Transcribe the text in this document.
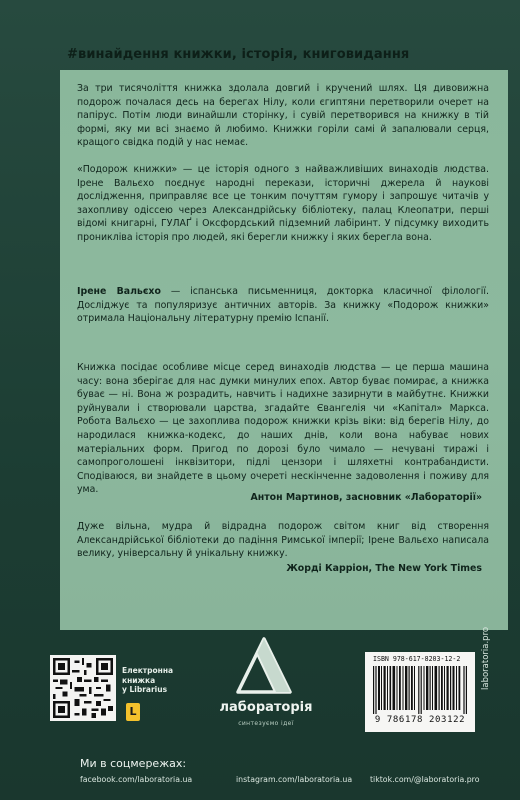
#винайдення книжки, історія, книговидання
За три тисячоліття книжка здолала довгий і кручений шлях. Ця дивовижна подорож почалася десь на берегах Нілу, коли єгиптяни перетворили очерет на папірус. Потім люди винайшли сторінку, і сувій перетворився на книжку в тій формі, яку ми всі знаємо й любимо. Книжки горіли самі й запалювали серця, кращого свідка подій у нас немає.
«Подорож книжки» — це історія одного з найважливіших винаходів людства. Ірене Вальєхо поєднує народні перекази, історичні джерела й наукові дослідження, приправляє все це тонким почуттям гумору і запрошує читачів у захопливу одіссею через Александрійську бібліотеку, палац Клеопатри, перші відомі книгарні, ГУЛАҐ і Оксфордський підземний лабіринт. У підсумку виходить проникліва історія про людей, які берегли книжку і яких берегла вона.
Ірене Вальєхо — іспанська письменниця, докторка класичної філології. Досліджує та популяризує античних авторів. За книжку «Подорож книжки» отримала Національну літературну премію Іспанії.
Книжка посідає особливе місце серед винаходів людства — це перша машина часу: вона зберігає для нас думки минулих епох. Автор буває помирає, а книжка буває — ні. Вона ж розрадить, навчить і надихне зазирнути в майбутнє. Книжки руйнували і створювали царства, згадайте Євангелія чи «Капітал» Маркса. Робота Вальєхо — це захоплива подорож книжки крізь віки: від берегів Нілу, до народилася книжка-кодекс, до наших днів, коли вона набуває нових матеріальних форм. Пригод по дорозі було чимало — нечувані тиражі і самопроголошені інквізитори, підлі цензори і шляхетні контрабандисти. Сподіваюся, ви знайдете в цьому очереті нескінченне задоволення і поживу для ума.
Антон Мартинов, засновник «Лабораторії»
Дуже вільна, мудра й відрадна подорож світом книг від створення Александрійської бібліотеки до падіння Римської імперії; Ірене Вальєхо написала велику, універсальну й унікальну книжку.
Жорді Карріон, The New York Times
Електронна
книжка
у Librarius
L	лабораторія
синтезуємо ідеї
ISBN 978-617-8203-12-2
9 786178 203122
laboratoria.pro
Ми в соцмережах:
facebook.com/laboratoria.ua	instagram.com/laboratoria.ua tiktok.com/@laboratoria.pro
